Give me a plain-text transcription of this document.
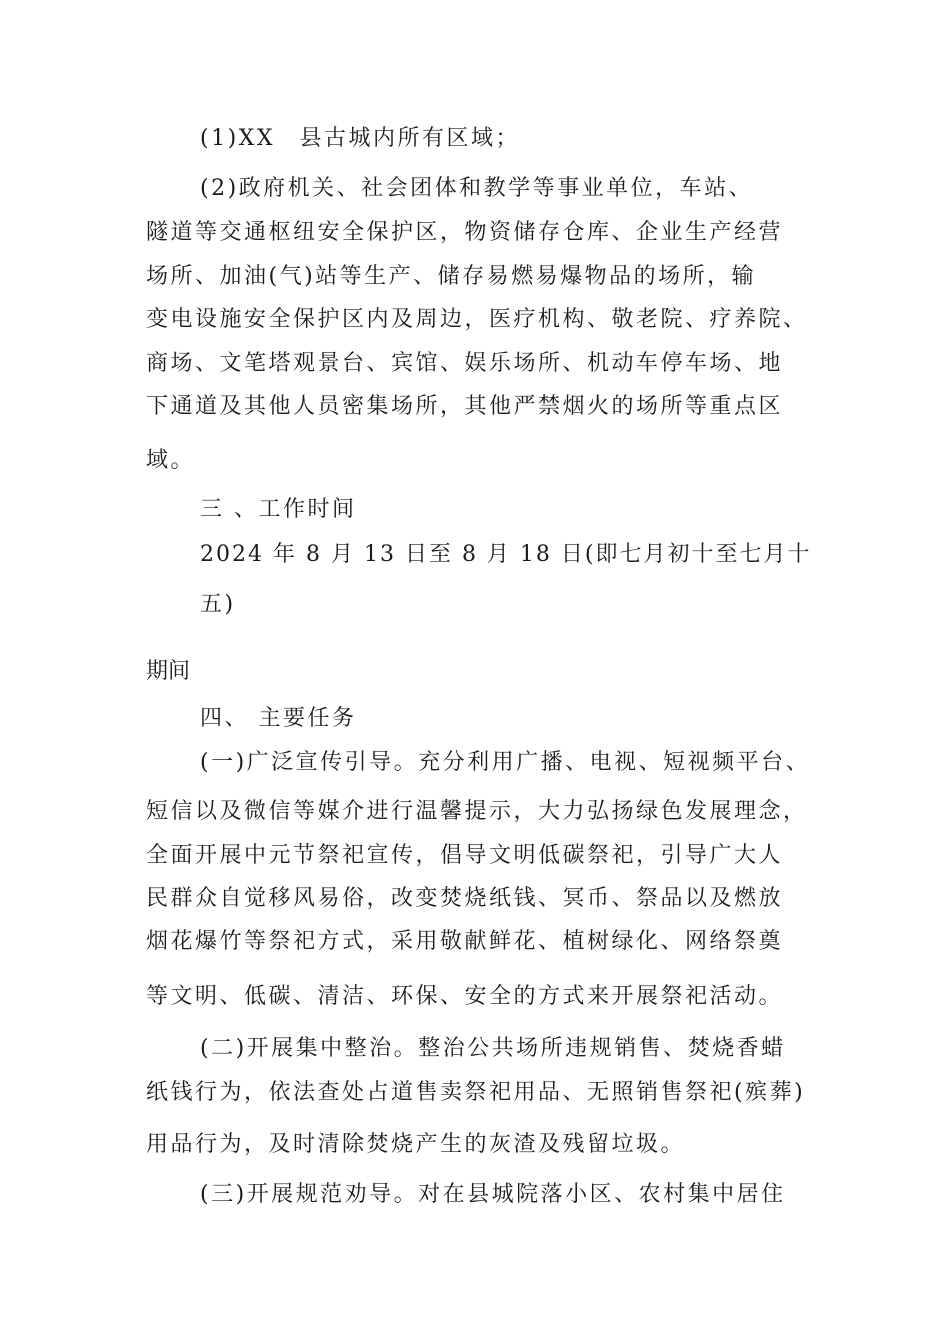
(1)XX　县古城内所有区域；
(2)政府机关、社会团体和教学等事业单位，车站、
隧道等交通枢纽安全保护区，物资储存仓库、企业生产经营
场所、加油(气)站等生产、储存易燃易爆物品的场所，输
变电设施安全保护区内及周边，医疗机构、敬老院、疗养院、
商场、文笔塔观景台、宾馆、娱乐场所、机动车停车场、地
下通道及其他人员密集场所，其他严禁烟火的场所等重点区
域。
三 、工作时间
2024 年 8 月 13 日至 8 月 18 日(即七月初十至七月十
五)
期间
四、 主要任务
(一)广泛宣传引导。充分利用广播、电视、短视频平台、
短信以及微信等媒介进行温馨提示，大力弘扬绿色发展理念，
全面开展中元节祭祀宣传，倡导文明低碳祭祀，引导广大人
民群众自觉移风易俗，改变焚烧纸钱、冥币、祭品以及燃放
烟花爆竹等祭祀方式，采用敬献鲜花、植树绿化、网络祭奠
等文明、低碳、清洁、环保、安全的方式来开展祭祀活动。
(二)开展集中整治。整治公共场所违规销售、焚烧香蜡
纸钱行为，依法查处占道售卖祭祀用品、无照销售祭祀(殡葬)
用品行为，及时清除焚烧产生的灰渣及残留垃圾。
(三)开展规范劝导。对在县城院落小区、农村集中居住
